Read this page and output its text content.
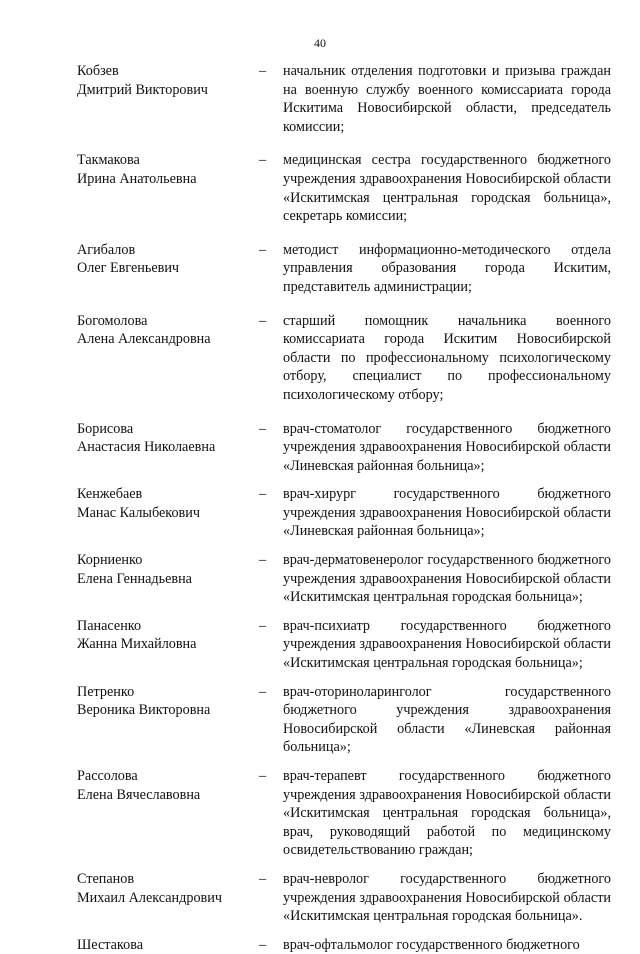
40
Кобзев
Дмитрий Викторович
–	начальник отделения подготовки и призыва граждан на военную службу военного комиссариата города Искитима Новосибирской области, председатель комиссии;
Такмакова
Ирина Анатольевна
–	медицинская сестра государственного бюджетного учреждения здравоохранения Новосибирской области «Искитимская центральная городская больница», секретарь комиссии;
Агибалов
Олег Евгеньевич
–	методист информационно-методического отдела управления образования города Искитим, представитель администрации;
Богомолова
Алена Александровна
–	старший помощник начальника военного комиссариата города Искитим Новосибирской области по профессиональному психологическому отбору, специалист по профессиональному психологическому отбору;
Борисова
Анастасия Николаевна
–	врач-стоматолог государственного бюджетного учреждения здравоохранения Новосибирской области «Линевская районная больница»;
Кенжебаев
Манас Калыбекович
–	врач-хирург государственного бюджетного учреждения здравоохранения Новосибирской области «Линевская районная больница»;
Корниенко
Елена Геннадьевна
–	врач-дерматовенеролог государственного бюджетного учреждения здравоохранения Новосибирской области «Искитимская центральная городская больница»;
Панасенко
Жанна Михайловна
–	врач-психиатр государственного бюджетного учреждения здравоохранения Новосибирской области «Искитимская центральная городская больница»;
Петренко
Вероника Викторовна
–	врач-оториноларинголог государственного бюджетного учреждения здравоохранения Новосибирской области «Линевская районная больница»;
Рассолова
Елена Вячеславовна
–	врач-терапевт государственного бюджетного учреждения здравоохранения Новосибирской области «Искитимская центральная городская больница», врач, руководящий работой по медицинскому освидетельствованию граждан;
Степанов
Михаил Александрович
–	врач-невролог государственного бюджетного учреждения здравоохранения Новосибирской области «Искитимская центральная городская больница».
Шестакова	–	врач-офтальмолог государственного бюджетного
